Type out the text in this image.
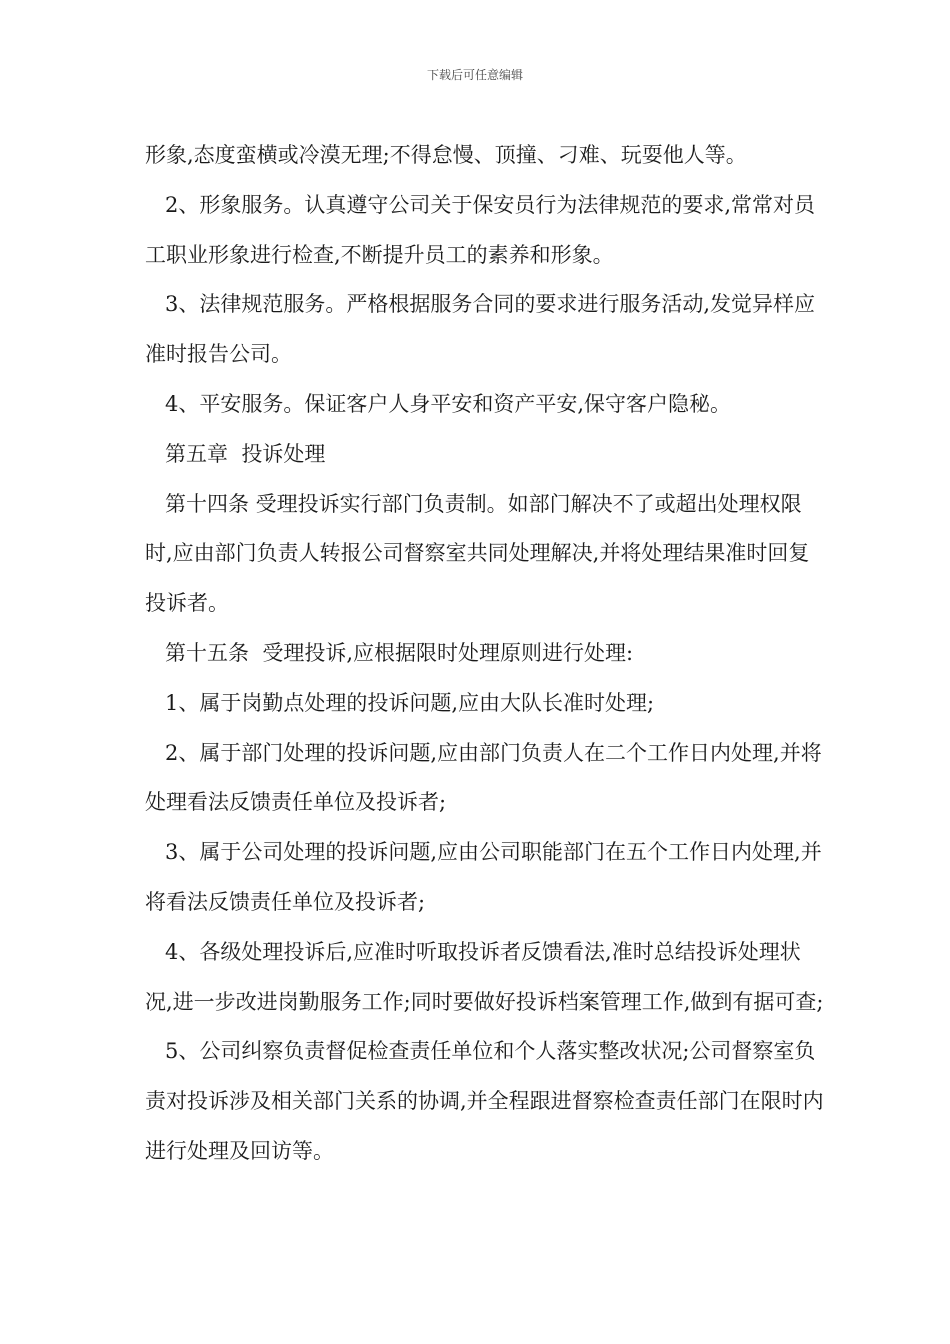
下载后可任意编辑

形象,态度蛮横或冷漠无理;不得怠慢、顶撞、刁难、玩耍他人等。

2、形象服务。认真遵守公司关于保安员行为法律规范的要求,常常对员工职业形象进行检查,不断提升员工的素养和形象。

3、法律规范服务。严格根据服务合同的要求进行服务活动,发觉异样应准时报告公司。

4、平安服务。保证客户人身平安和资产平安,保守客户隐秘。

第五章  投诉处理

第十四条 受理投诉实行部门负责制。如部门解决不了或超出处理权限时,应由部门负责人转报公司督察室共同处理解决,并将处理结果准时回复投诉者。

第十五条  受理投诉,应根据限时处理原则进行处理:

1、属于岗勤点处理的投诉问题,应由大队长准时处理;

2、属于部门处理的投诉问题,应由部门负责人在二个工作日内处理,并将处理看法反馈责任单位及投诉者;

3、属于公司处理的投诉问题,应由公司职能部门在五个工作日内处理,并将看法反馈责任单位及投诉者;

4、各级处理投诉后,应准时听取投诉者反馈看法,准时总结投诉处理状况,进一步改进岗勤服务工作;同时要做好投诉档案管理工作,做到有据可查;

5、公司纠察负责督促检查责任单位和个人落实整改状况;公司督察室负责对投诉涉及相关部门关系的协调,并全程跟进督察检查责任部门在限时内进行处理及回访等。
